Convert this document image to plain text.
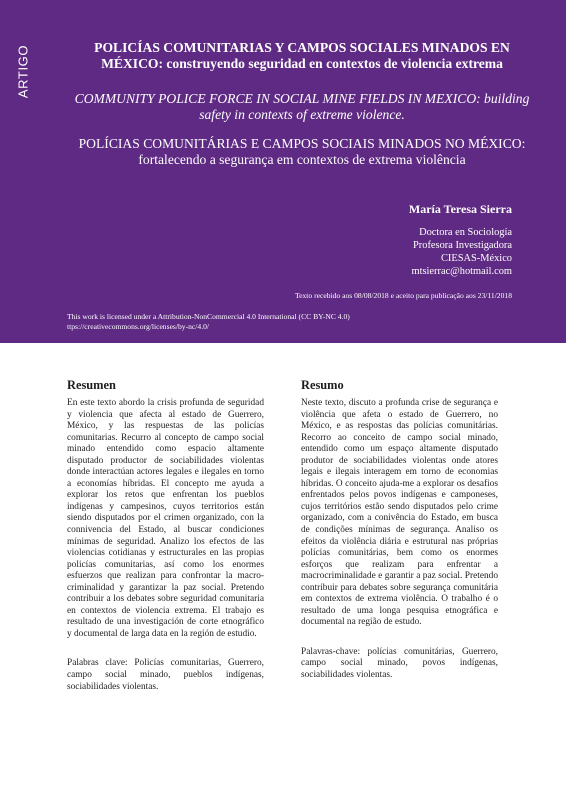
ARTIGO	POLICÍAS COMUNITARIAS Y CAMPOS SOCIALES MINADOS EN MÉXICO: construyendo seguridad en contextos de violencia extrema
COMMUNITY POLICE FORCE IN SOCIAL MINE FIELDS IN MEXICO: building safety in contexts of extreme violence.
POLÍCIAS COMUNITÁRIAS E CAMPOS SOCIAIS MINADOS NO MÉXICO: fortalecendo a segurança em contextos de extrema violência
María Teresa Sierra
Doctora en Sociología
Profesora Investigadora
CIESAS-México
mtsierrac@hotmail.com
Texto recebido aos 08/08/2018 e aceito para publicação aos 23/11/2018
This work is licensed under a Attribution-NonCommercial 4.0 International (CC BY-NC 4.0)
ttps://creativecommons.org/licenses/by-nc/4.0/
Resumen

En este texto abordo la crisis profunda de seguridad y violencia que afecta al estado de Guerrero, México, y las respuestas de las policías comunitarias. Recurro al concepto de campo social minado entendido como espacio altamente disputado productor de sociabilidades violentas donde interactúan actores legales e ilegales en torno a economías híbridas. El concepto me ayuda a explorar los retos que enfrentan los pueblos indígenas y campesinos, cuyos territorios están siendo disputados por el crimen organizado, con la connivencia del Estado, al buscar condiciones mínimas de seguridad. Analizo los efectos de las violencias cotidianas y estructurales en las propias policías comunitarias, así como los enormes esfuerzos que realizan para confrontar la macro-criminalidad y garantizar la paz social. Pretendo contribuir a los debates sobre seguridad comunitaria en contextos de violencia extrema. El trabajo es resultado de una investigación de corte etnográfico y documental de larga data en la región de estudio.

Palabras clave: Policías comunitarias, Guerrero, campo social minado, pueblos indígenas, sociabilidades violentas.

Resumo

Neste texto, discuto a profunda crise de segurança e violência que afeta o estado de Guerrero, no México, e as respostas das polícias comunitárias. Recorro ao conceito de campo social minado, entendido como um espaço altamente disputado produtor de sociabilidades violentas onde atores legais e ilegais interagem em torno de economias híbridas. O conceito ajuda-me a explorar os desafios enfrentados pelos povos indígenas e camponeses, cujos territórios estão sendo disputados pelo crime organizado, com a conivência do Estado, em busca de condições mínimas de segurança. Analiso os efeitos da violência diária e estrutural nas próprias polícias comunitárias, bem como os enormes esforços que realizam para enfrentar a macrocriminalidade e garantir a paz social. Pretendo contribuir para debates sobre segurança comunitária em contextos de extrema violência. O trabalho é o resultado de uma longa pesquisa etnográfica e documental na região de estudo.

Palavras-chave: polícias comunitárias, Guerrero, campo social minado, povos indígenas, sociabilidades violentas.
